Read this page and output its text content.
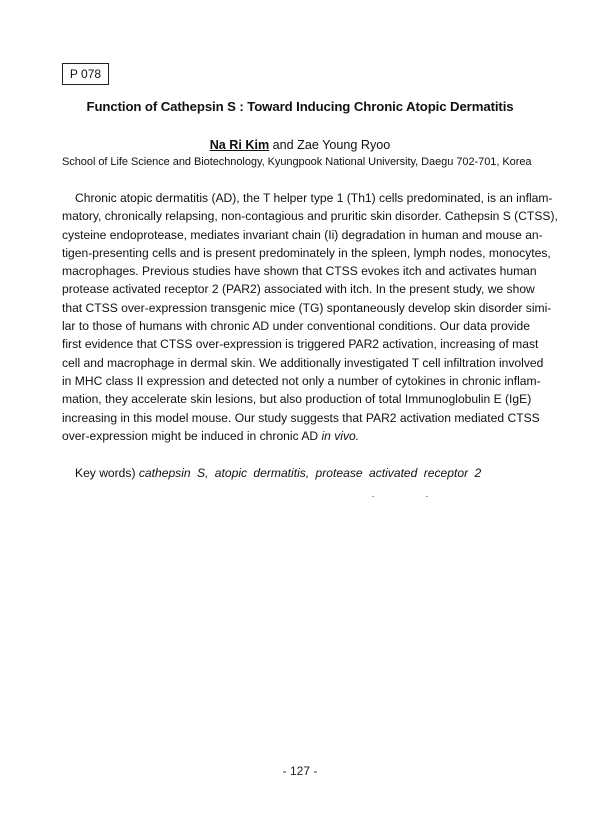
P 078
Function of Cathepsin S : Toward Inducing Chronic Atopic Dermatitis
Na Ri Kim and Zae Young Ryoo
School of Life Science and Biotechnology, Kyungpook National University, Daegu 702-701, Korea
Chronic atopic dermatitis (AD), the T helper type 1 (Th1) cells predominated, is an inflam-
matory, chronically relapsing, non-contagious and pruritic skin disorder. Cathepsin S (CTSS),
cysteine endoprotease, mediates invariant chain (Ii) degradation in human and mouse an-
tigen-presenting cells and is present predominately in the spleen, lymph nodes, monocytes,
macrophages. Previous studies have shown that CTSS evokes itch and activates human
protease activated receptor 2 (PAR2) associated with itch. In the present study, we show
that CTSS over-expression transgenic mice (TG) spontaneously develop skin disorder simi-
lar to those of humans with chronic AD under conventional conditions. Our data provide
first evidence that CTSS over-expression is triggered PAR2 activation, increasing of mast
cell and macrophage in dermal skin. We additionally investigated T cell infiltration involved
in MHC class II expression and detected not only a number of cytokines in chronic inflam-
mation, they accelerate skin lesions, but also production of total Immunoglobulin E (IgE)
increasing in this model mouse. Our study suggests that PAR2 activation mediated CTSS
over-expression might be induced in chronic AD in vivo.
Key words) cathepsin S, atopic dermatitis, protease activated receptor 2
- 127 -
